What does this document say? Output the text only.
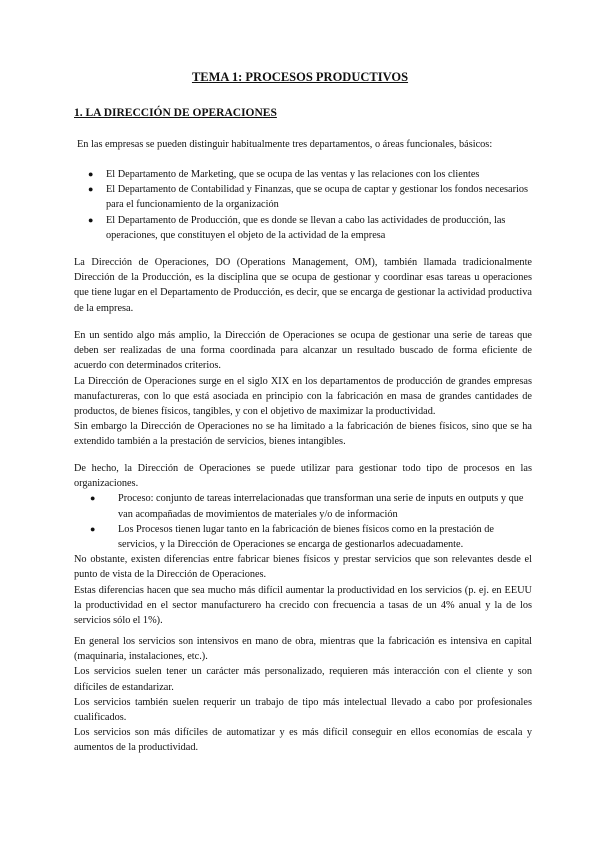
TEMA 1: PROCESOS PRODUCTIVOS
1. LA DIRECCIÓN DE OPERACIONES

En las empresas se pueden distinguir habitualmente tres departamentos, o áreas funcionales, básicos:

● El Departamento de Marketing, que se ocupa de las ventas y las relaciones con los clientes
● El Departamento de Contabilidad y Finanzas, que se ocupa de captar y gestionar los fondos necesarios para el funcionamiento de la organización
● El Departamento de Producción, que es donde se llevan a cabo las actividades de producción, las operaciones, que constituyen el objeto de la actividad de la empresa

La Dirección de Operaciones, DO (Operations Management, OM), también llamada tradicionalmente Dirección de la Producción, es la disciplina que se ocupa de gestionar y coordinar esas tareas u operaciones que tiene lugar en el Departamento de Producción, es decir, que se encarga de gestionar la actividad productiva de la empresa.

En un sentido algo más amplio, la Dirección de Operaciones se ocupa de gestionar una serie de tareas que deben ser realizadas de una forma coordinada para alcanzar un resultado buscado de forma eficiente de acuerdo con determinados criterios.

La Dirección de Operaciones surge en el siglo XIX en los departamentos de producción de grandes empresas manufactureras, con lo que está asociada en principio con la fabricación en masa de grandes cantidades de productos, de bienes físicos, tangibles, y con el objetivo de maximizar la productividad.

Sin embargo la Dirección de Operaciones no se ha limitado a la fabricación de bienes físicos, sino que se ha extendido también a la prestación de servicios, bienes intangibles.

De hecho, la Dirección de Operaciones se puede utilizar para gestionar todo tipo de procesos en las organizaciones.

● Proceso: conjunto de tareas interrelacionadas que transforman una serie de inputs en outputs y que van acompañadas de movimientos de materiales y/o de información
● Los Procesos tienen lugar tanto en la fabricación de bienes físicos como en la prestación de servicios, y la Dirección de Operaciones se encarga de gestionarlos adecuadamente.

No obstante, existen diferencias entre fabricar bienes físicos y prestar servicios que son relevantes desde el punto de vista de la Dirección de Operaciones.

Estas diferencias hacen que sea mucho más difícil aumentar la productividad en los servicios (p. ej. en EEUU la productividad en el sector manufacturero ha crecido con frecuencia a tasas de un 4% anual y la de los servicios sólo el 1%).

En general los servicios son intensivos en mano de obra, mientras que la fabricación es intensiva en capital (maquinaria, instalaciones, etc.).

Los servicios suelen tener un carácter más personalizado, requieren más interacción con el cliente y son difíciles de estandarizar.

Los servicios también suelen requerir un trabajo de tipo más intelectual llevado a cabo por profesionales cualificados.

Los servicios son más difíciles de automatizar y es más difícil conseguir en ellos economías de escala y aumentos de la productividad.
